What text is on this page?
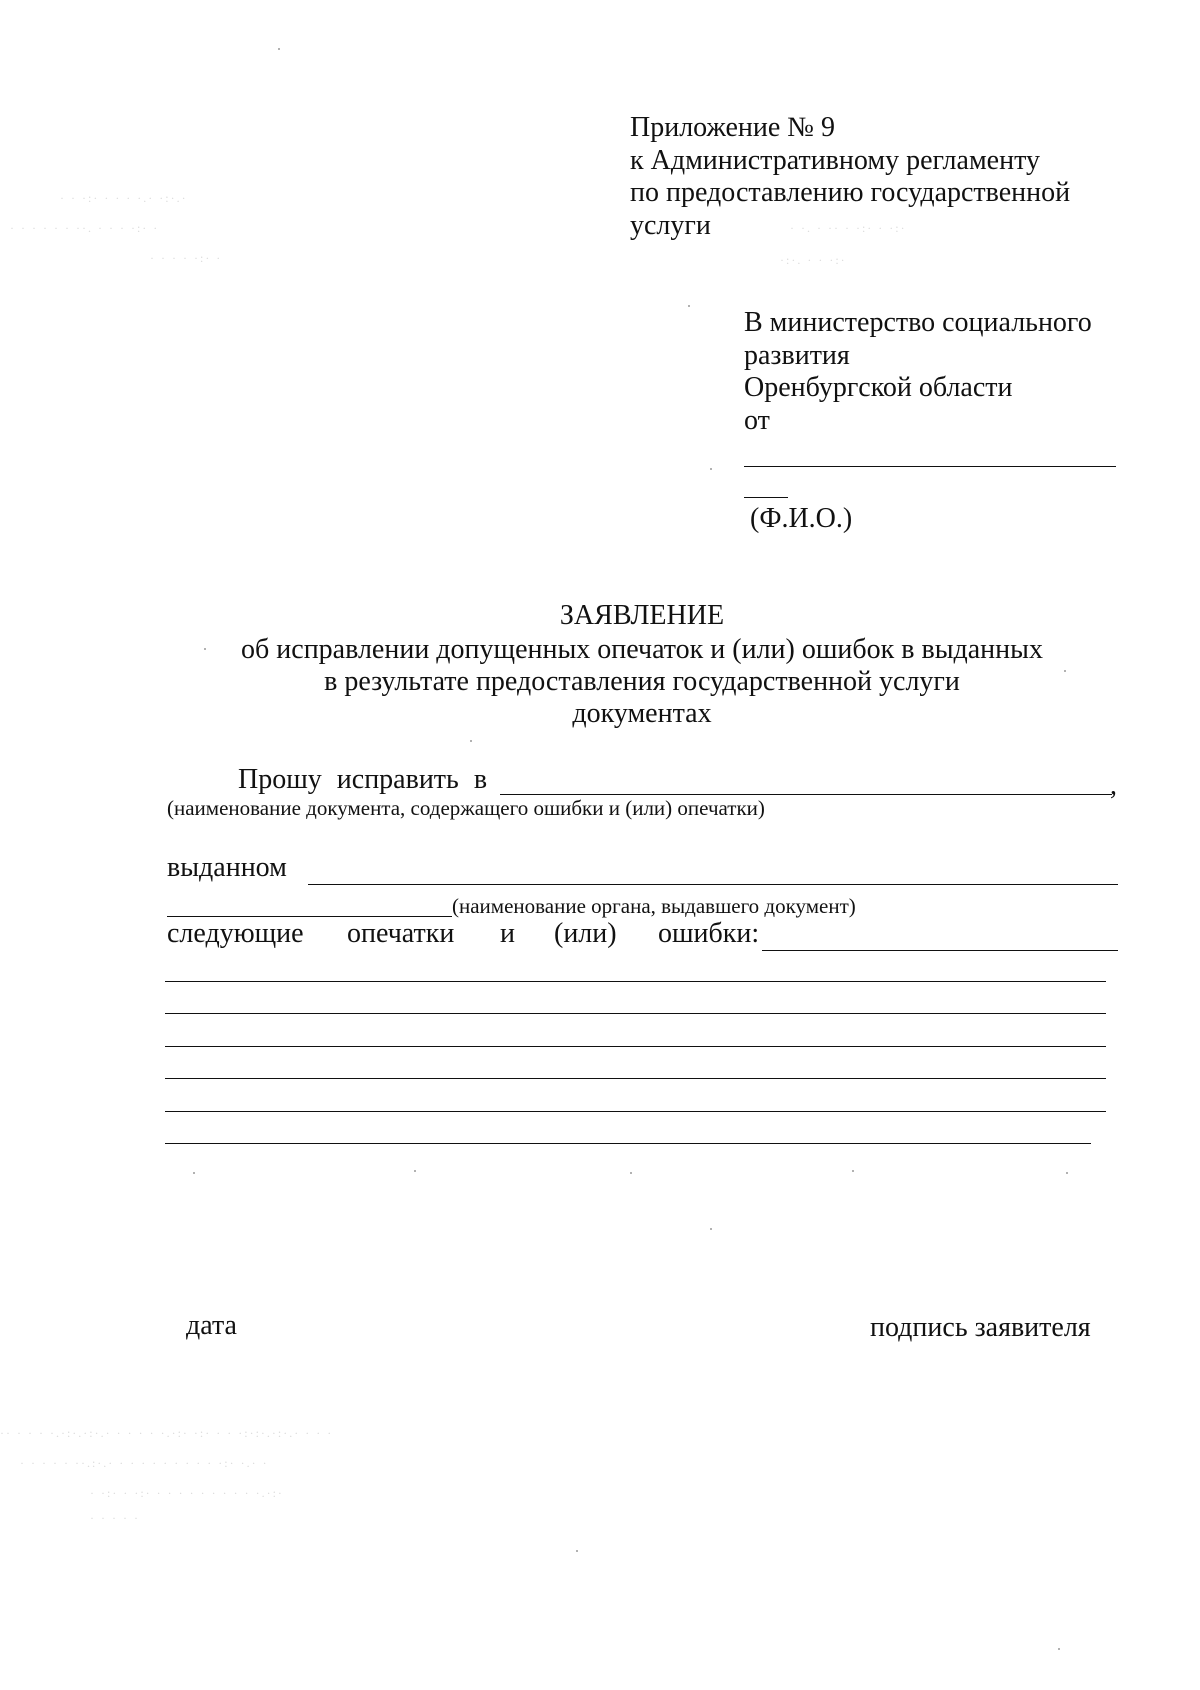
· · ·:· · · · ·.· ·:·.·
· · · · · · ··. · · · ·:· ·
· · · · ·:· ·
· ·. · ·· · ·:· · ·:·
·:·. · · ·:·
·· · · · ·.·:·.·:·.· · · · · ·.·:· ·:· · · ·:·:·.·:·.· · · ·
· · · · · ··.:·.· · · · · · · · · · ·:· ·.· ·
· ·:· · ·:· · · · · · · · · · ·.·:·
· · · · ·
Приложение № 9
к Административному регламенту
по предоставлению государственной
услуги
В министерство социального
развития
Оренбургской области
от
(Ф.И.О.)
ЗАЯВЛЕНИЕ
об исправлении допущенных опечаток и (или) ошибок в выданных
в результате предоставления государственной услуги
документах
Прошу исправить в	,
(наименование документа, содержащего ошибки и (или) опечатки)
выданном
(наименование органа, выдавшего документ)
следующие опечатки и (или) ошибки:
дата	подпись заявителя
